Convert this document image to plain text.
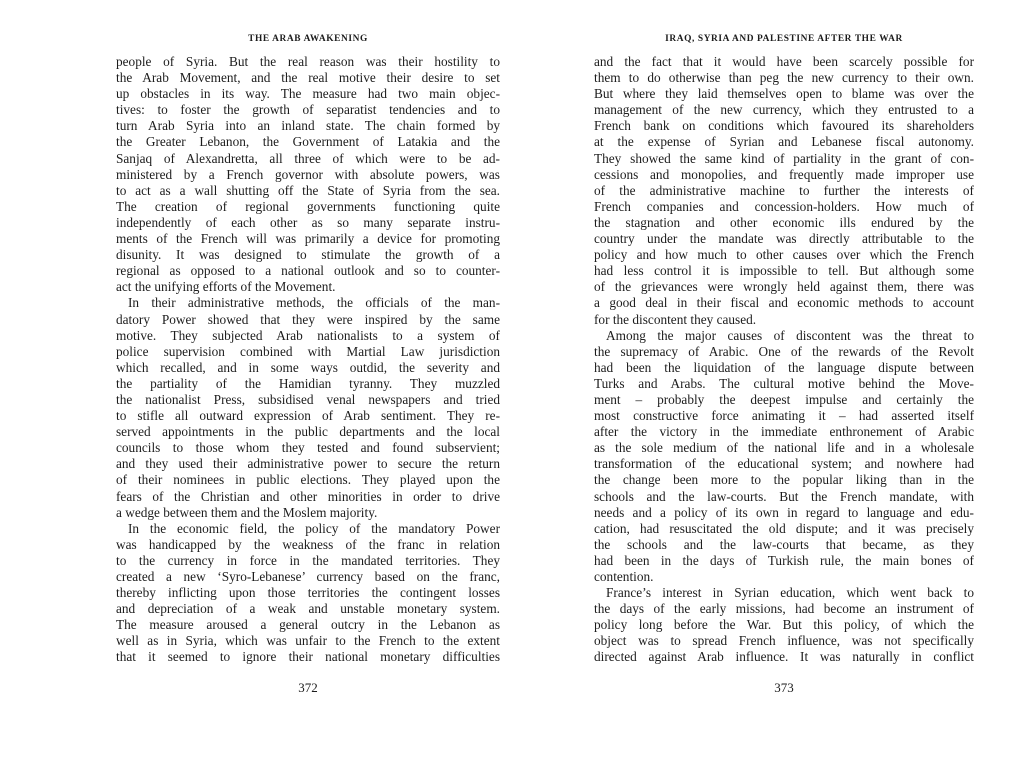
THE ARAB AWAKENING
people of Syria. But the real reason was their hostility to
the Arab Movement, and the real motive their desire to set
up obstacles in its way. The measure had two main objec-
tives: to foster the growth of separatist tendencies and to
turn Arab Syria into an inland state. The chain formed by
the Greater Lebanon, the Government of Latakia and the
Sanjaq of Alexandretta, all three of which were to be ad-
ministered by a French governor with absolute powers, was
to act as a wall shutting off the State of Syria from the sea.
The creation of regional governments functioning quite
independently of each other as so many separate instru-
ments of the French will was primarily a device for promoting
disunity. It was designed to stimulate the growth of a
regional as opposed to a national outlook and so to counter-
act the unifying efforts of the Movement.
In their administrative methods, the officials of the man-
datory Power showed that they were inspired by the same
motive. They subjected Arab nationalists to a system of
police supervision combined with Martial Law jurisdiction
which recalled, and in some ways outdid, the severity and
the partiality of the Hamidian tyranny. They muzzled
the nationalist Press, subsidised venal newspapers and tried
to stifle all outward expression of Arab sentiment. They re-
served appointments in the public departments and the local
councils to those whom they tested and found subservient;
and they used their administrative power to secure the return
of their nominees in public elections. They played upon the
fears of the Christian and other minorities in order to drive
a wedge between them and the Moslem majority.
In the economic field, the policy of the mandatory Power
was handicapped by the weakness of the franc in relation
to the currency in force in the mandated territories. They
created a new ‘Syro-Lebanese’ currency based on the franc,
thereby inflicting upon those territories the contingent losses
and depreciation of a weak and unstable monetary system.
The measure aroused a general outcry in the Lebanon as
well as in Syria, which was unfair to the French to the extent
that it seemed to ignore their national monetary difficulties
372
IRAQ, SYRIA AND PALESTINE AFTER THE WAR
and the fact that it would have been scarcely possible for
them to do otherwise than peg the new currency to their own.
But where they laid themselves open to blame was over the
management of the new currency, which they entrusted to a
French bank on conditions which favoured its shareholders
at the expense of Syrian and Lebanese fiscal autonomy.
They showed the same kind of partiality in the grant of con-
cessions and monopolies, and frequently made improper use
of the administrative machine to further the interests of
French companies and concession-holders. How much of
the stagnation and other economic ills endured by the
country under the mandate was directly attributable to the
policy and how much to other causes over which the French
had less control it is impossible to tell. But although some
of the grievances were wrongly held against them, there was
a good deal in their fiscal and economic methods to account
for the discontent they caused.
Among the major causes of discontent was the threat to
the supremacy of Arabic. One of the rewards of the Revolt
had been the liquidation of the language dispute between
Turks and Arabs. The cultural motive behind the Move-
ment – probably the deepest impulse and certainly the
most constructive force animating it – had asserted itself
after the victory in the immediate enthronement of Arabic
as the sole medium of the national life and in a wholesale
transformation of the educational system; and nowhere had
the change been more to the popular liking than in the
schools and the law-courts. But the French mandate, with
needs and a policy of its own in regard to language and edu-
cation, had resuscitated the old dispute; and it was precisely
the schools and the law-courts that became, as they
had been in the days of Turkish rule, the main bones of
contention.
France’s interest in Syrian education, which went back to
the days of the early missions, had become an instrument of
policy long before the War. But this policy, of which the
object was to spread French influence, was not specifically
directed against Arab influence. It was naturally in conflict
373
